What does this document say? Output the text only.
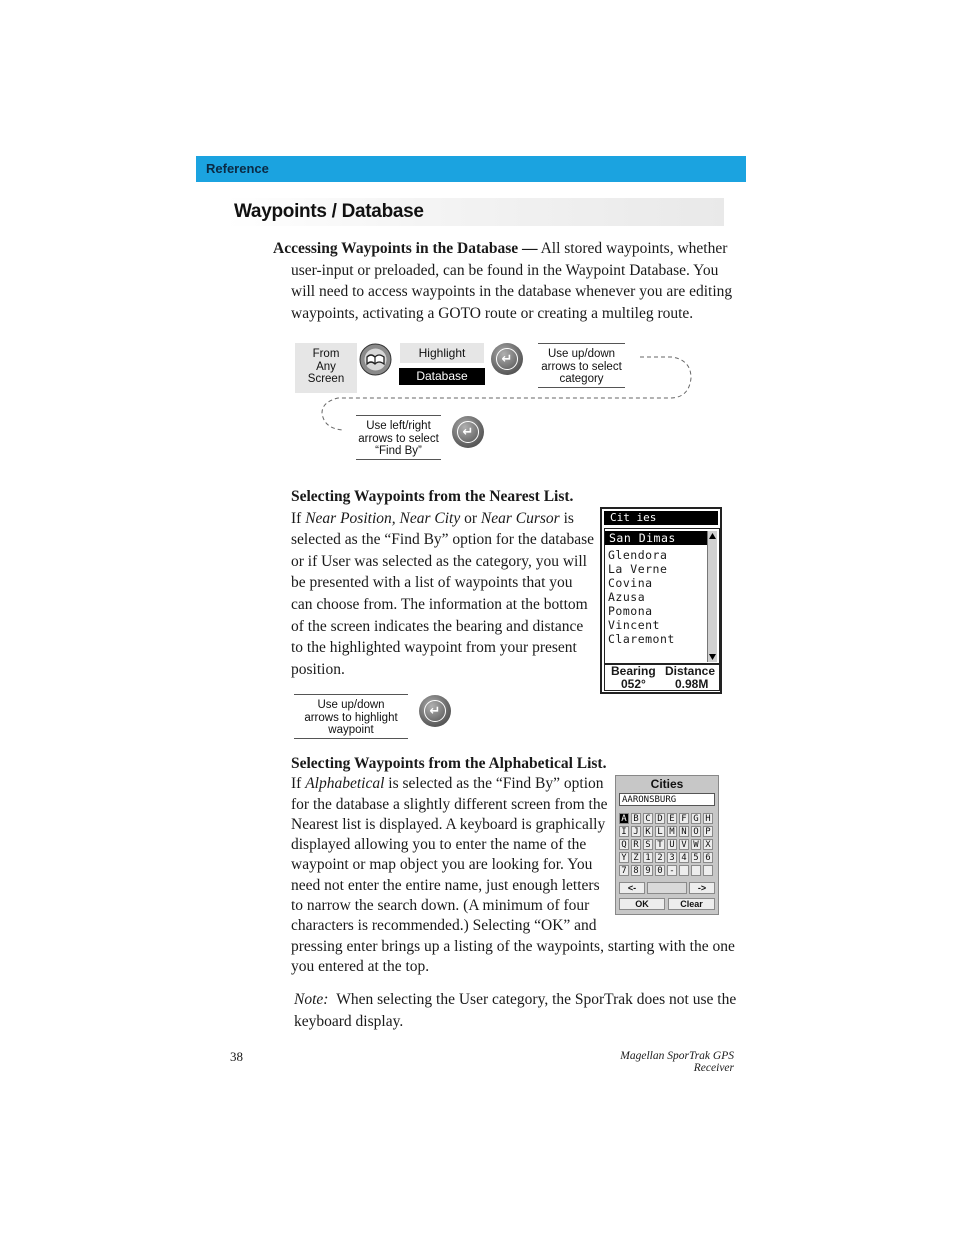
Reference
Waypoints / Database
Accessing Waypoints in the Database — All stored waypoints, whether
user-input or preloaded, can be found in the Waypoint Database. You
will need to access waypoints in the database whenever you are editing
waypoints, activating a GOTO route or creating a multileg route.
From
Any
Screen
Highlight
Database
↵	Use up/down
arrows to select
category
Use left/right
arrows to select
“Find By”
↵
Selecting Waypoints from the Nearest List.
If Near Position, Near City or Near Cursor is
selected as the “Find By” option for the database
or if User was selected as the category, you will
be presented with a list of waypoints that you
can choose from. The information at the bottom
of the screen indicates the bearing and distance
to the highlighted waypoint from your present
position.
Cit ies
San Dimas
Glendora
La Verne
Covina
Azusa
Pomona
Vincent
Claremont
Bearing Distance
052° 0.98M
Use up/down
arrows to highlight
waypoint
↵
Selecting Waypoints from the Alphabetical List.
If Alphabetical is selected as the “Find By” option
for the database a slightly different screen from the
Nearest list is displayed. A keyboard is graphically
displayed allowing you to enter the name of the
waypoint or map object you are looking for. You
need not enter the entire name, just enough letters
to narrow the search down. (A minimum of four
characters is recommended.) Selecting “OK” and
pressing enter brings up a listing of the waypoints, starting with the one
you entered at the top.
Cities
AARONSBURG
A B C D E F G H
I J K L M N O P
Q R S T U V W X
Y Z 1 2 3 4 5 6
7 8 9 0 -
<-	->
OK	Clear
Note: When selecting the User category, the SporTrak does not use the
keyboard display.
38	Magellan SporTrak GPS Receiver
